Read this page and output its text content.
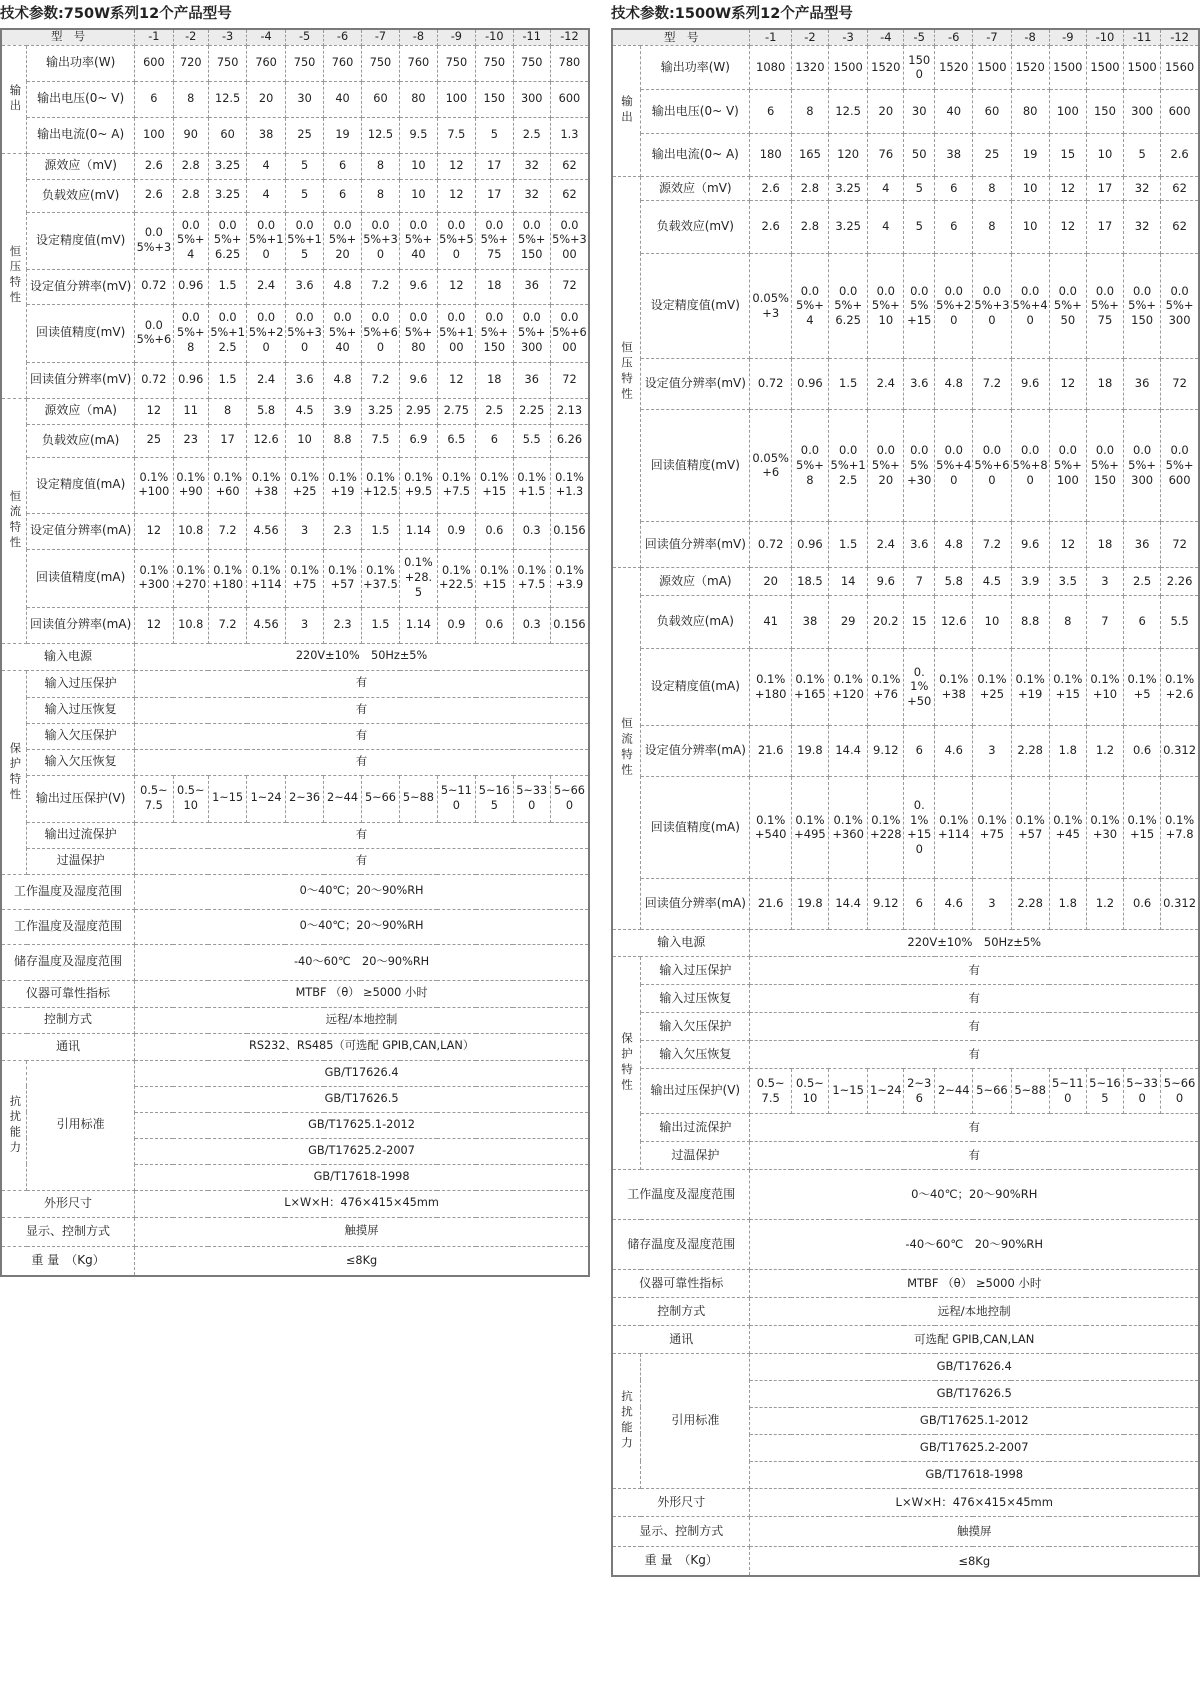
技术参数:750W系列12个产品型号
型　号		-1	-2	-3	-4	-5	-6	-7	-8	-9	-10	-11	-12
输出	输出功率(W)	600	720	750	760	750	760	750	760	750	750	750	780
	输出电压(0~ V)	6	8	12.5	20	30	40	60	80	100	150	300	600
	输出电流(0~ A)	100	90	60	38	25	19	12.5	9.5	7.5	5	2.5	1.3
恒压特性	源效应（mV)	2.6	2.8	3.25	4	5	6	8	10	12	17	32	62
	负载效应(mV)	2.6	2.8	3.25	4	5	6	8	10	12	17	32	62
	设定精度值(mV)	0.05%+3	0.05%+4	0.05%+6.25	0.05%+10	0.05%+15	0.05%+20	0.05%+30	0.05%+40	0.05%+50	0.05%+75	0.05%+150	0.05%+300
	设定值分辨率(mV)	0.72	0.96	1.5	2.4	3.6	4.8	7.2	9.6	12	18	36	72
	回读值精度(mV)	0.05%+6	0.05%+8	0.05%+12.5	0.05%+20	0.05%+30	0.05%+40	0.05%+60	0.05%+80	0.05%+100	0.05%+150	0.05%+300	0.05%+600
	回读值分辨率(mV)	0.72	0.96	1.5	2.4	3.6	4.8	7.2	9.6	12	18	36	72
恒流特性	源效应（mA)	12	11	8	5.8	4.5	3.9	3.25	2.95	2.75	2.5	2.25	2.13
	负载效应(mA)	25	23	17	12.6	10	8.8	7.5	6.9	6.5	6	5.5	6.26
	设定精度值(mA)	0.1%+100	0.1%+90	0.1%+60	0.1%+38	0.1%+25	0.1%+19	0.1%+12.5	0.1%+9.5	0.1%+7.5	0.1%+15	0.1%+1.5	0.1%+1.3
	设定值分辨率(mA)	12	10.8	7.2	4.56	3	2.3	1.5	1.14	0.9	0.6	0.3	0.156
	回读值精度(mA)	0.1%+300	0.1%+270	0.1%+180	0.1%+114	0.1%+75	0.1%+57	0.1%+37.5	0.1%+28.5	0.1%+22.5	0.1%+15	0.1%+7.5	0.1%+3.9
	回读值分辨率(mA)	12	10.8	7.2	4.56	3	2.3	1.5	1.14	0.9	0.6	0.3	0.156
输入电源		220V±10%　50Hz±5%											
保护特性	输入过压保护	有											
	输入过压恢复	有											
	输入欠压保护	有											
	输入欠压恢复	有											
	输出过压保护(V)	0.5~7.5	0.5~10	1~15	1~24	2~36	2~44	5~66	5~88	5~110	5~165	5~330	5~660
	输出过流保护	有											
	过温保护	有											
工作温度及湿度范围		0～40℃；20～90%RH											
工作温度及湿度范围		0～40℃；20～90%RH											
储存温度及湿度范围		-40～60℃　20～90%RH											
仪器可靠性指标		MTBF （θ） ≥5000 小时											
控制方式		远程/本地控制											
通讯		RS232、RS485（可选配 GPIB,CAN,LAN）											
抗扰能力	引用标准	GB/T17626.4											
		GB/T17626.5											
		GB/T17625.1-2012											
		GB/T17625.2-2007											
		GB/T17618-1998											
外形尺寸		L×W×H：476×415×45mm											
显示、控制方式		触摸屏											
重 量　（Kg）		≤8Kg											
技术参数:1500W系列12个产品型号
型　号		-1	-2	-3	-4	-5	-6	-7	-8	-9	-10	-11	-12
输出	输出功率(W)	1080	1320	1500	1520	1500	1520	1500	1520	1500	1500	1500	1560
	输出电压(0~ V)	6	8	12.5	20	30	40	60	80	100	150	300	600
	输出电流(0~ A)	180	165	120	76	50	38	25	19	15	10	5	2.6
恒压特性	源效应（mV)	2.6	2.8	3.25	4	5	6	8	10	12	17	32	62
	负载效应(mV)	2.6	2.8	3.25	4	5	6	8	10	12	17	32	62
	设定精度值(mV)	0.05%+3	0.05%+4	0.05%+6.25	0.05%+10	0.05%+15	0.05%+20	0.05%+30	0.05%+40	0.05%+50	0.05%+75	0.05%+150	0.05%+300
	设定值分辨率(mV)	0.72	0.96	1.5	2.4	3.6	4.8	7.2	9.6	12	18	36	72
	回读值精度(mV)	0.05%+6	0.05%+8	0.05%+12.5	0.05%+20	0.05%+30	0.05%+40	0.05%+60	0.05%+80	0.05%+100	0.05%+150	0.05%+300	0.05%+600
	回读值分辨率(mV)	0.72	0.96	1.5	2.4	3.6	4.8	7.2	9.6	12	18	36	72
恒流特性	源效应（mA)	20	18.5	14	9.6	7	5.8	4.5	3.9	3.5	3	2.5	2.26
	负载效应(mA)	41	38	29	20.2	15	12.6	10	8.8	8	7	6	5.5
	设定精度值(mA)	0.1%+180	0.1%+165	0.1%+120	0.1%+76	0.1%+50	0.1%+38	0.1%+25	0.1%+19	0.1%+15	0.1%+10	0.1%+5	0.1%+2.6
	设定值分辨率(mA)	21.6	19.8	14.4	9.12	6	4.6	3	2.28	1.8	1.2	0.6	0.312
	回读值精度(mA)	0.1%+540	0.1%+495	0.1%+360	0.1%+228	0.1%+150	0.1%+114	0.1%+75	0.1%+57	0.1%+45	0.1%+30	0.1%+15	0.1%+7.8
	回读值分辨率(mA)	21.6	19.8	14.4	9.12	6	4.6	3	2.28	1.8	1.2	0.6	0.312
输入电源		220V±10%　50Hz±5%											
保护特性	输入过压保护	有											
	输入过压恢复	有											
	输入欠压保护	有											
	输入欠压恢复	有											
	输出过压保护(V)	0.5~7.5	0.5~10	1~15	1~24	2~36	2~44	5~66	5~88	5~110	5~165	5~330	5~660
	输出过流保护	有											
	过温保护	有											
工作温度及湿度范围		0～40℃；20～90%RH											
储存温度及湿度范围		-40～60℃　20～90%RH											
仪器可靠性指标		MTBF （θ） ≥5000 小时											
控制方式		远程/本地控制											
通讯		可选配 GPIB,CAN,LAN											
抗扰能力	引用标准	GB/T17626.4											
		GB/T17626.5											
		GB/T17625.1-2012											
		GB/T17625.2-2007											
		GB/T17618-1998											
外形尺寸		L×W×H：476×415×45mm											
显示、控制方式		触摸屏											
重 量　（Kg）		≤8Kg											
